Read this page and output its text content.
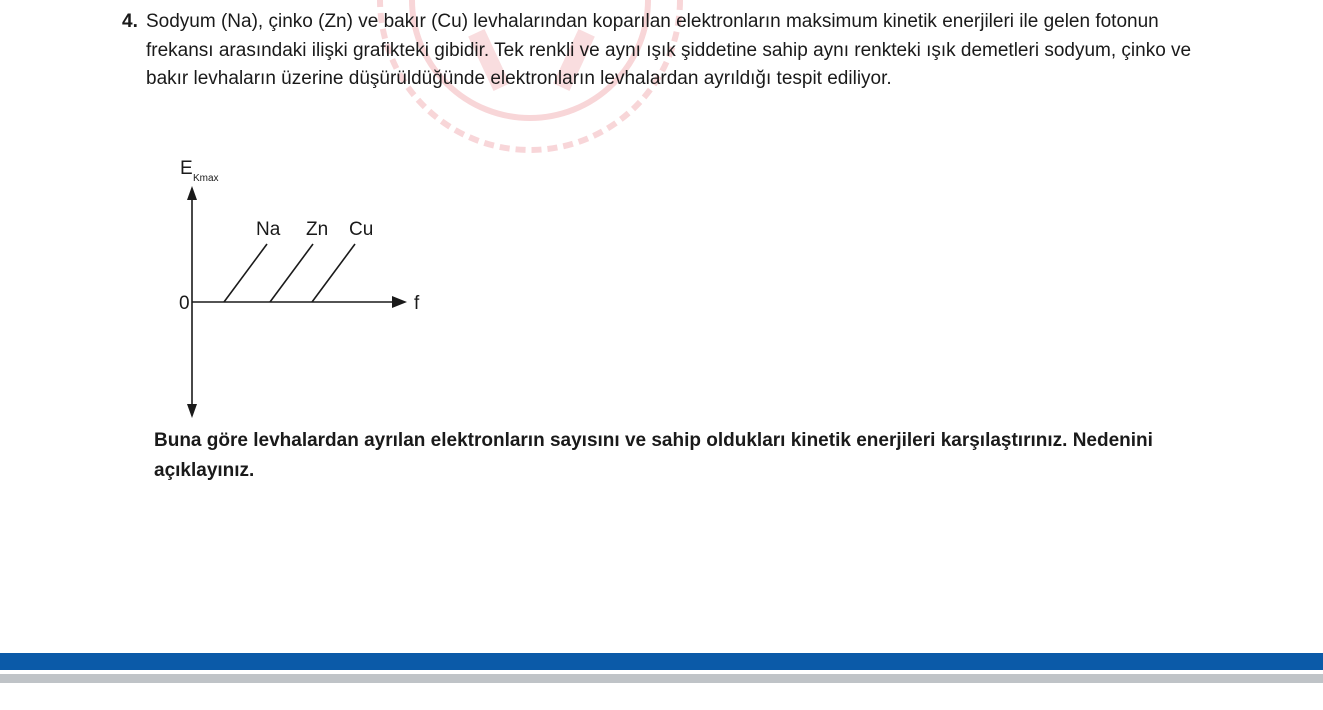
4. Sodyum (Na), çinko (Zn) ve bakır (Cu) levhalarından koparılan elektronların maksimum kinetik enerjileri ile gelen fotonun frekansı arasındaki ilişki grafikteki gibidir. Tek renkli ve aynı ışık şiddetine sahip aynı renkteki ışık demetleri sodyum, çinko ve bakır levhaların üzerine düşürüldüğünde elektronların levhalardan ayrıldığı tespit ediliyor.
E Kmax
f
0
Na Zn Cu
Buna göre levhalardan ayrılan elektronların sayısını ve sahip oldukları kinetik enerjileri karşılaştırınız. Nedenini açıklayınız.
